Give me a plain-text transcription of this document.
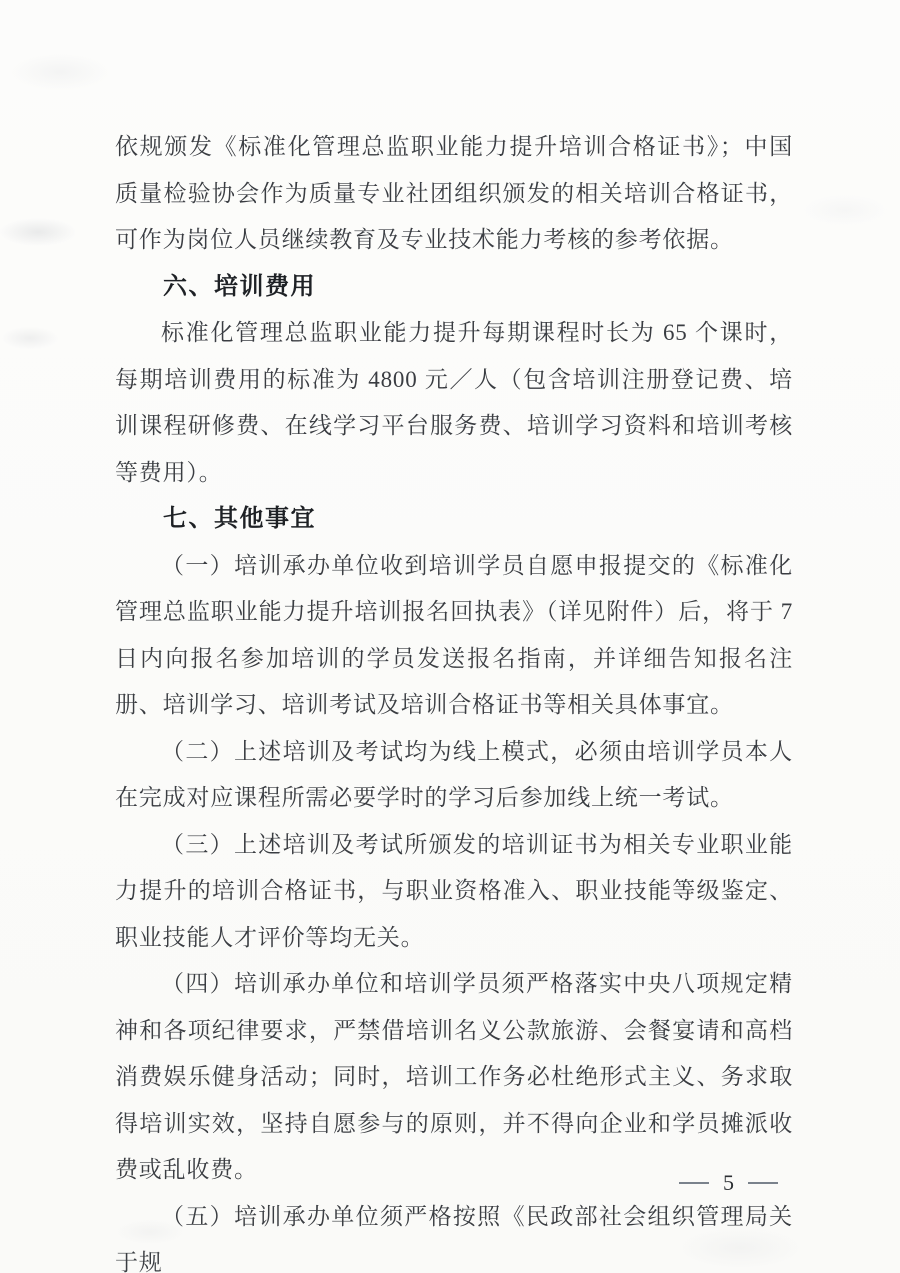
依规颁发《标准化管理总监职业能力提升培训合格证书》；中国质量检验协会作为质量专业社团组织颁发的相关培训合格证书，可作为岗位人员继续教育及专业技术能力考核的参考依据。

六、培训费用

标准化管理总监职业能力提升每期课程时长为 65 个课时，每期培训费用的标准为 4800 元／人（包含培训注册登记费、培训课程研修费、在线学习平台服务费、培训学习资料和培训考核等费用）。

七、其他事宜

（一）培训承办单位收到培训学员自愿申报提交的《标准化管理总监职业能力提升培训报名回执表》（详见附件）后，将于 7 日内向报名参加培训的学员发送报名指南，并详细告知报名注册、培训学习、培训考试及培训合格证书等相关具体事宜。

（二）上述培训及考试均为线上模式，必须由培训学员本人在完成对应课程所需必要学时的学习后参加线上统一考试。

（三）上述培训及考试所颁发的培训证书为相关专业职业能力提升的培训合格证书，与职业资格准入、职业技能等级鉴定、职业技能人才评价等均无关。

（四）培训承办单位和培训学员须严格落实中央八项规定精神和各项纪律要求，严禁借培训名义公款旅游、会餐宴请和高档消费娱乐健身活动；同时，培训工作务必杜绝形式主义、务求取得培训实效，坚持自愿参与的原则，并不得向企业和学员摊派收费或乱收费。

（五）培训承办单位须严格按照《民政部社会组织管理局关于规

5
